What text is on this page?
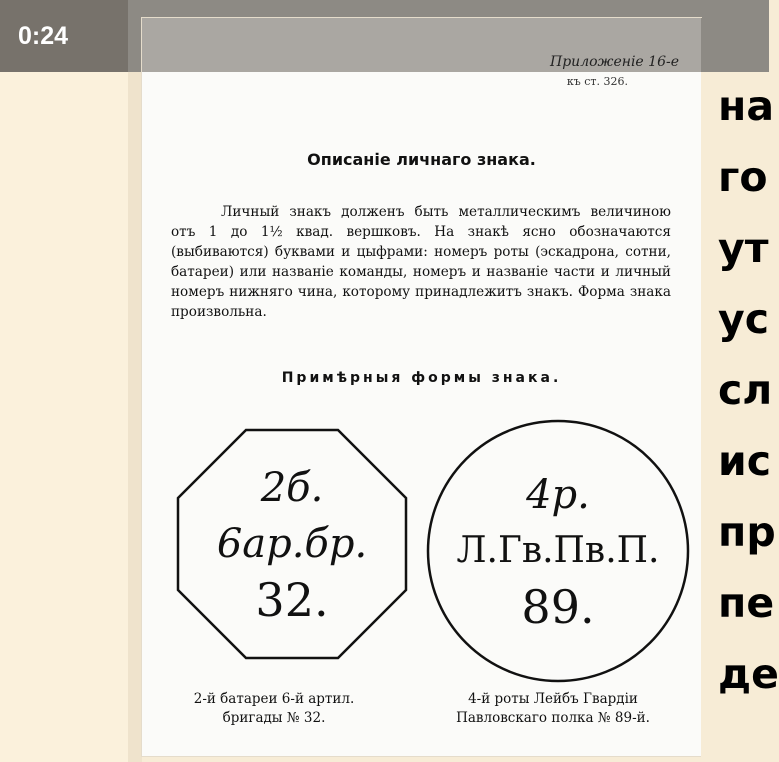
0:24
Приложеніе 16-е
къ ст. 326.
Описаніе личнаго знака.
Личный знакъ долженъ быть металлическимъ величиною отъ 1 до 1½ квад. вершковъ. На знакѣ ясно обозначаются (выбиваются) буквами и цыфрами: номеръ роты (эскадрона, сотни, батареи) или названіе команды, номеръ и названіе части и личный номеръ нижняго чина, которому принадлежитъ знакъ. Форма знака произвольна.
Примѣрныя формы знака.
2б.
6ар.бр.
32.
4р.
Л.Гв.Пв.П.
89.
2-й батареи 6-й артил.
бригады № 32.
4-й роты Лейбъ Гвардіи
Павловскаго полка № 89-й.
на
го
ут
ус
сл
ис
пр
пе
де
